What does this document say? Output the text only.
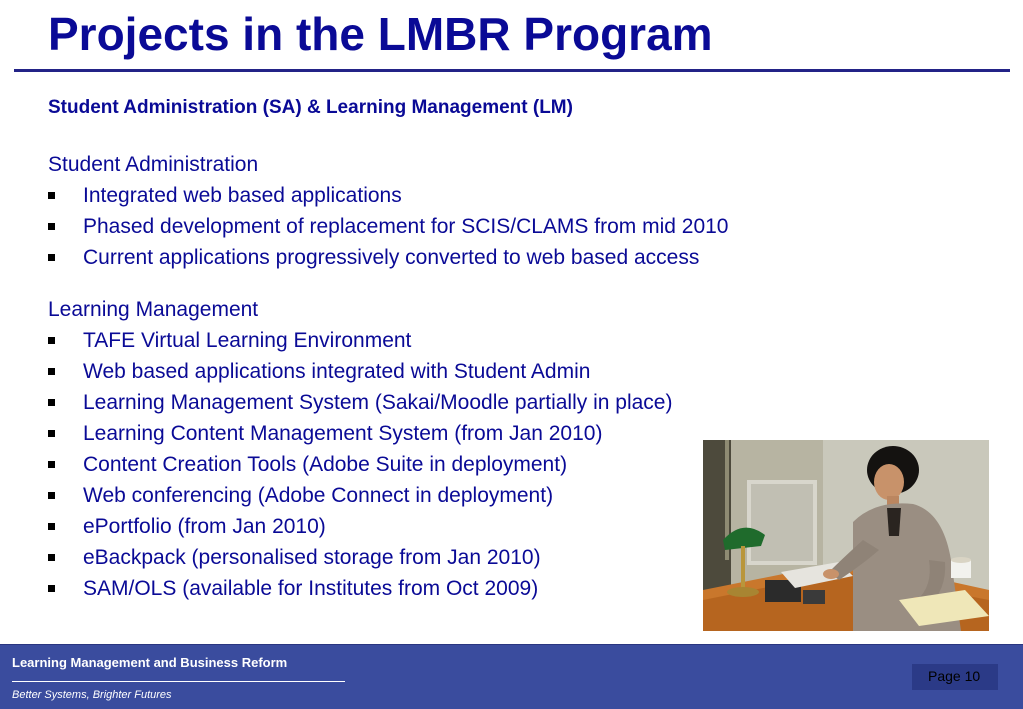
Projects in the LMBR Program
Student Administration (SA) & Learning Management (LM)
Student Administration
Integrated web based applications
Phased development of replacement for SCIS/CLAMS from mid 2010
Current applications progressively converted to web based access
Learning Management
TAFE Virtual Learning Environment
Web based applications integrated with Student Admin
Learning Management System (Sakai/Moodle partially in place)
Learning Content Management System (from Jan 2010)
Content Creation Tools (Adobe Suite in deployment)
Web conferencing (Adobe Connect in deployment)
ePortfolio (from Jan 2010)
eBackpack (personalised storage from Jan 2010)
SAM/OLS (available for Institutes from Oct 2009)
Learning Management and Business Reform
Better Systems, Brighter Futures
Page 10
